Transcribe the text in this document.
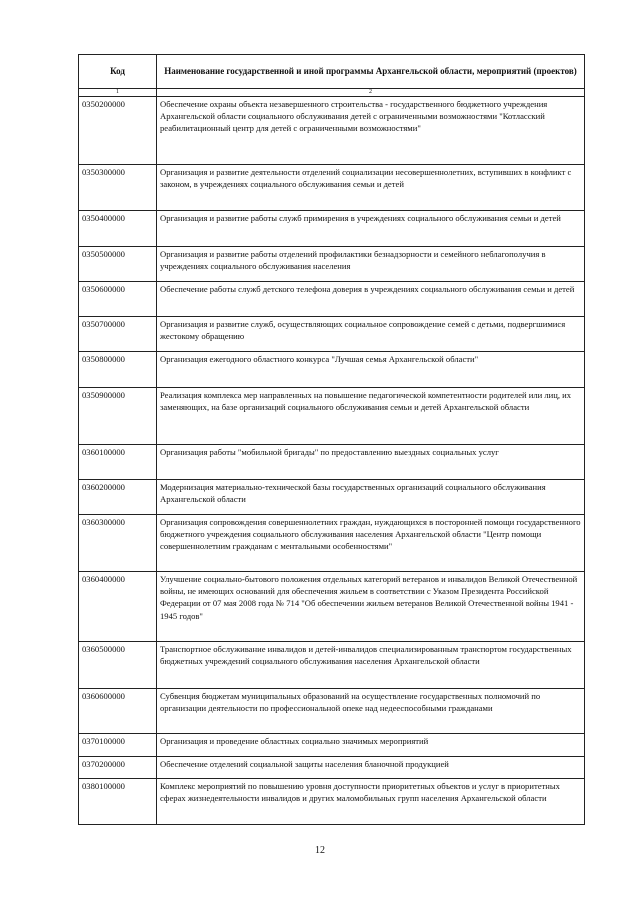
Код	Наименование государственной и иной программы Архангельской области, мероприятий (проектов)
1	2
0350200000	Обеспечение охраны объекта незавершенного строительства - государственного бюджетного учреждения Архангельской области социального обслуживания детей с ограниченными возможностями "Котласский реабилитационный центр для детей с ограниченными возможностями"
0350300000	Организация и развитие деятельности отделений социализации несовершеннолетних, вступивших в конфликт с законом, в учреждениях социального обслуживания семьи и детей
0350400000	Организация и развитие работы служб примирения в учреждениях социального обслуживания семьи и детей
0350500000	Организация и развитие работы отделений профилактики безнадзорности и семейного неблагополучия в учреждениях социального обслуживания населения
0350600000	Обеспечение работы служб детского телефона доверия в учреждениях социального обслуживания семьи и детей
0350700000	Организация и развитие служб, осуществляющих социальное сопровождение семей с детьми, подвергшимися жестокому обращению
0350800000	Организация ежегодного областного конкурса "Лучшая семья Архангельской области"
0350900000	Реализация комплекса мер направленных на повышение педагогической компетентности родителей или лиц, их заменяющих, на базе организаций социального обслуживания семьи и детей Архангельской области
0360100000	Организация работы "мобильной бригады" по предоставлению выездных социальных услуг
0360200000	Модернизация материально-технической базы государственных организаций социального обслуживания Архангельской области
0360300000	Организация сопровождения совершеннолетних граждан, нуждающихся в посторонней помощи государственного бюджетного учреждения социального обслуживания населения Архангельской области "Центр помощи совершеннолетним гражданам с ментальными особенностями"
0360400000	Улучшение социально-бытового положения отдельных категорий ветеранов и инвалидов Великой Отечественной войны, не имеющих оснований для обеспечения жильем в соответствии с Указом Президента Российской Федерации от 07 мая 2008 года № 714 "Об обеспечении жильем ветеранов Великой Отечественной войны 1941 - 1945 годов"
0360500000	Транспортное обслуживание инвалидов и детей-инвалидов специализированным транспортом государственных бюджетных учреждений социального обслуживания населения Архангельской области
0360600000	Субвенция бюджетам муниципальных образований на осуществление государственных полномочий по организации деятельности по профессиональной опеке над недееспособными гражданами
0370100000	Организация и проведение областных социально значимых мероприятий
0370200000	Обеспечение отделений социальной защиты населения бланочной продукцией
0380100000	Комплекс мероприятий по повышению уровня доступности приоритетных объектов и услуг в приоритетных сферах жизнедеятельности инвалидов и других маломобильных групп населения Архангельской области
12
